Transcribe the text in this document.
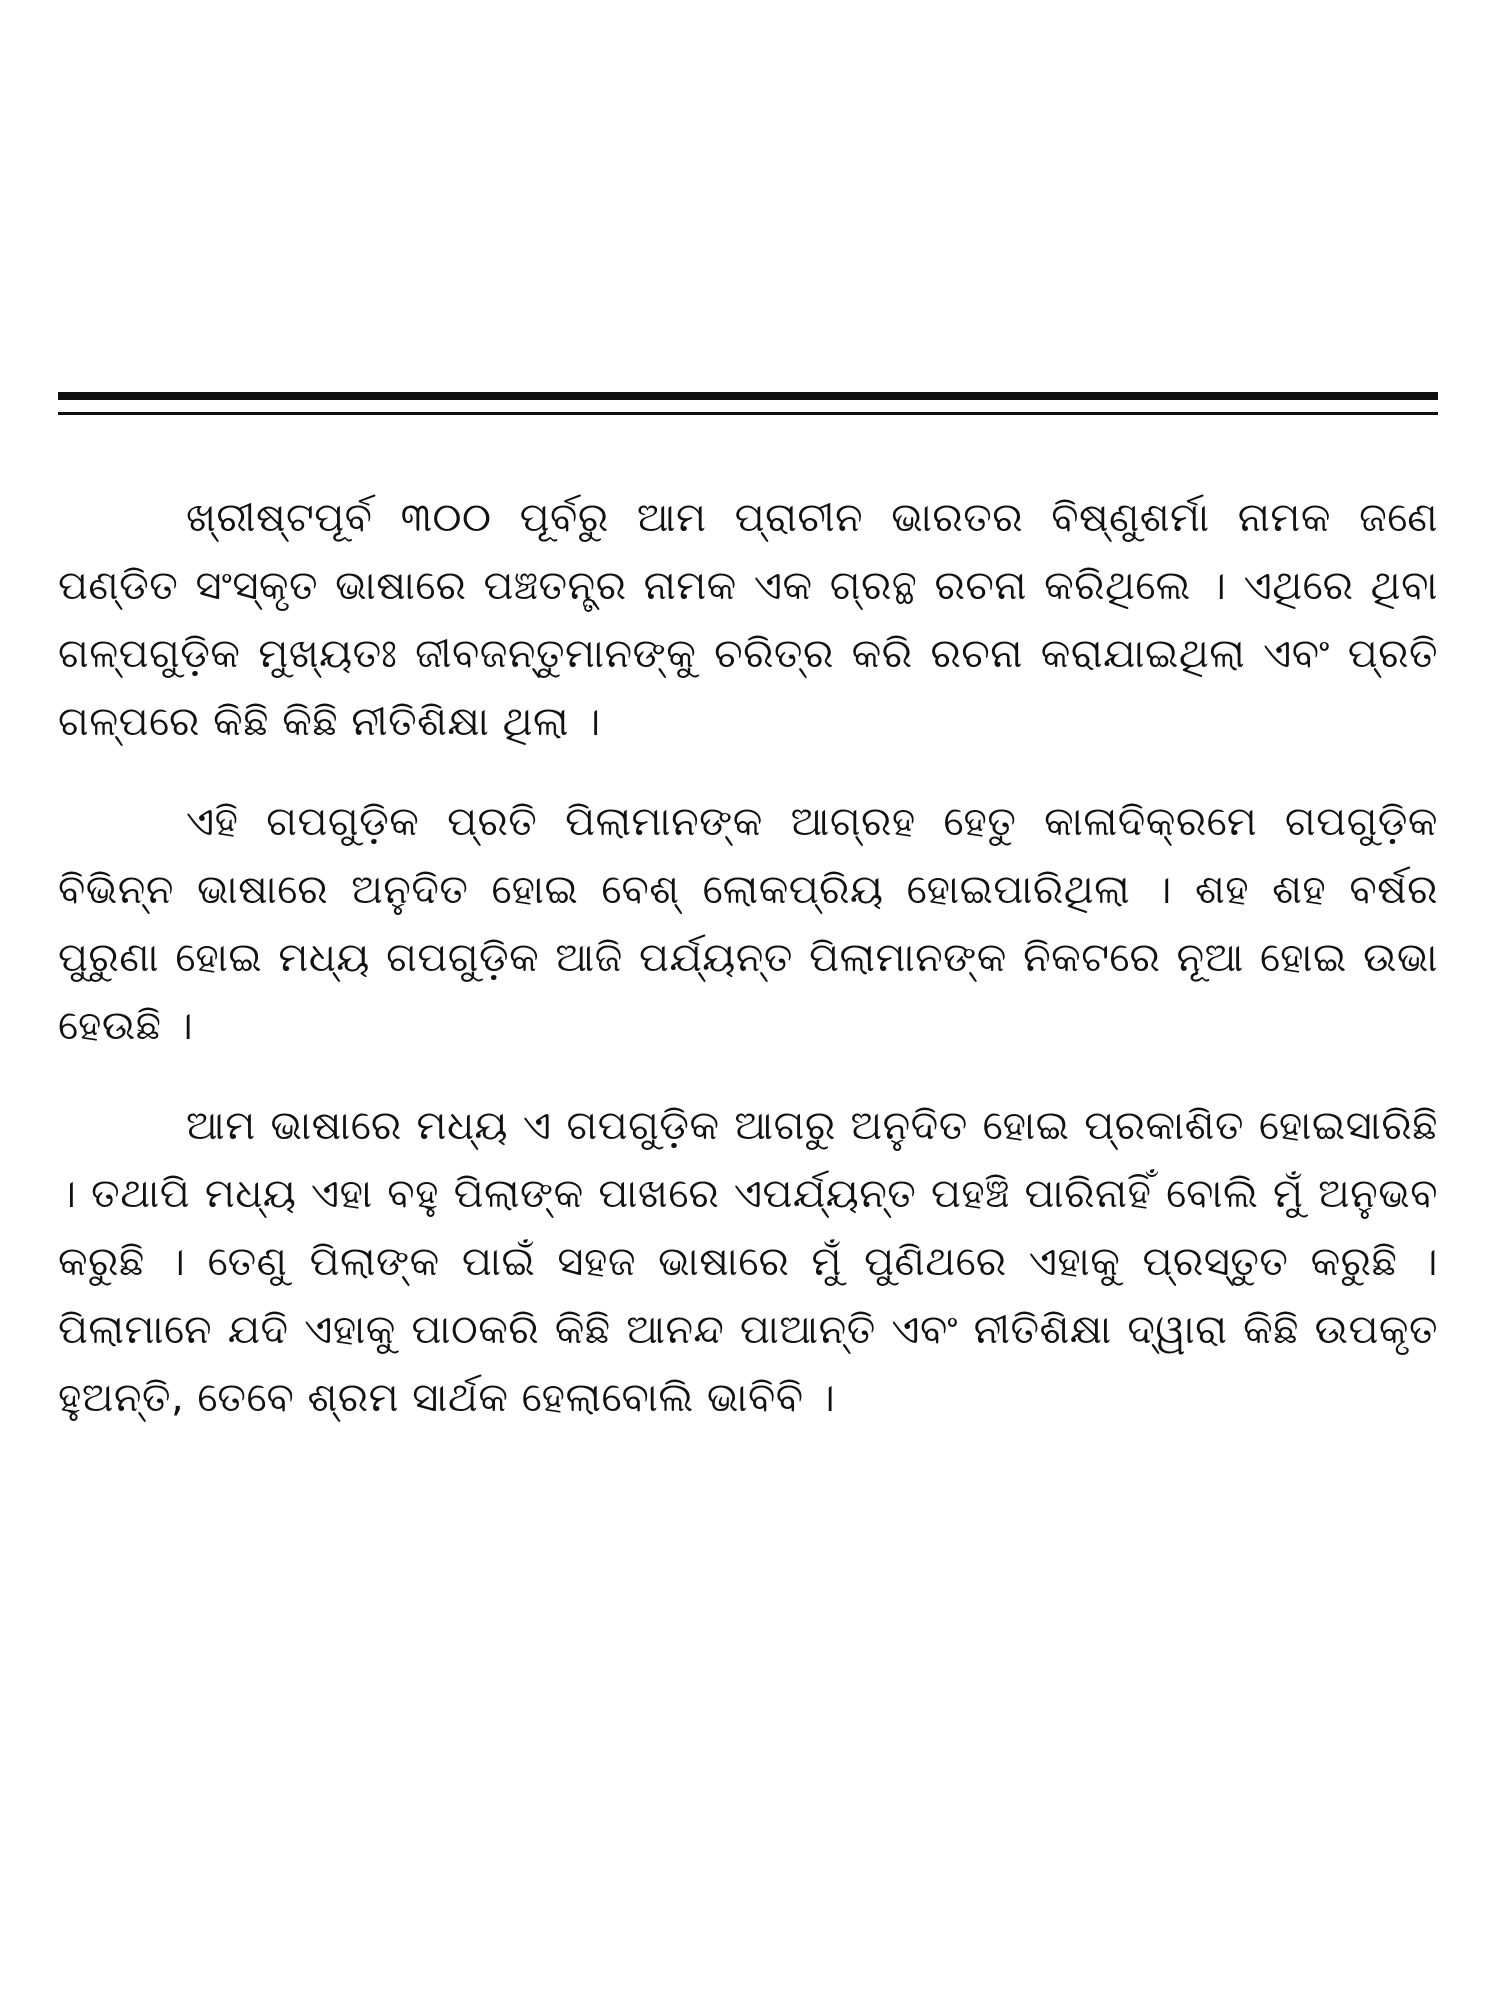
ଖ୍ରୀଷ୍ଟପୂର୍ବ ୩୦୦ ପୂର୍ବରୁ ଆମ ପ୍ରାଚୀନ ଭାରତର ବିଷ୍ଣୁଶର୍ମା ନାମକ ଜଣେ ପଣ୍ଡିତ ସଂସ୍କୃତ ଭାଷାରେ ପଞ୍ଚତନ୍ତ୍ର ନାମକ ଏକ ଗ୍ରନ୍ଥ ରଚନା କରିଥିଲେ । ଏଥିରେ ଥିବା ଗଳ୍ପଗୁଡ଼ିକ ମୁଖ୍ୟତଃ ଜୀବଜନ୍ତୁମାନଙ୍କୁ ଚରିତ୍ର କରି ରଚନା କରାଯାଇଥିଲା ଏବଂ ପ୍ରତି ଗଳ୍ପରେ କିଛି କିଛି ନୀତିଶିକ୍ଷା ଥିଲା ।

ଏହି ଗପଗୁଡ଼ିକ ପ୍ରତି ପିଲାମାନଙ୍କ ଆଗ୍ରହ ହେତୁ କାଳାଦିକ୍ରମେ ଗପଗୁଡ଼ିକ ବିଭିନ୍ନ ଭାଷାରେ ଅନୁଦିତ ହୋଇ ବେଶ୍ ଲୋକପ୍ରିୟ ହୋଇପାରିଥିଲା । ଶହ ଶହ ବର୍ଷର ପୁରୁଣା ହୋଇ ମଧ୍ୟ ଗପଗୁଡ଼ିକ ଆଜି ପର୍ଯ୍ୟନ୍ତ ପିଲାମାନଙ୍କ ନିକଟରେ ନୂଆ ହୋଇ ଉଭା ହେଉଛି ।

ଆମ ଭାଷାରେ ମଧ୍ୟ ଏ ଗପଗୁଡ଼ିକ ଆଗରୁ ଅନୁଦିତ ହୋଇ ପ୍ରକାଶିତ ହୋଇସାରିଛି । ତଥାପି ମଧ୍ୟ ଏହା ବହୁ ପିଲାଙ୍କ ପାଖରେ ଏପର୍ଯ୍ୟନ୍ତ ପହଞ୍ଚି ପାରିନାହିଁ ବୋଲି ମୁଁ ଅନୁଭବ କରୁଛି । ତେଣୁ ପିଲାଙ୍କ ପାଇଁ ସହଜ ଭାଷାରେ ମୁଁ ପୁଣିଥରେ ଏହାକୁ ପ୍ରସ୍ତୁତ କରୁଛି । ପିଲାମାନେ ଯଦି ଏହାକୁ ପାଠକରି କିଛି ଆନନ୍ଦ ପାଆନ୍ତି ଏବଂ ନୀତିଶିକ୍ଷା ଦ୍ୱାରା କିଛି ଉପକୃତ ହୁଅନ୍ତି, ତେବେ ଶ୍ରମ ସାର୍ଥକ ହେଲାବୋଲି ଭାବିବି ।
